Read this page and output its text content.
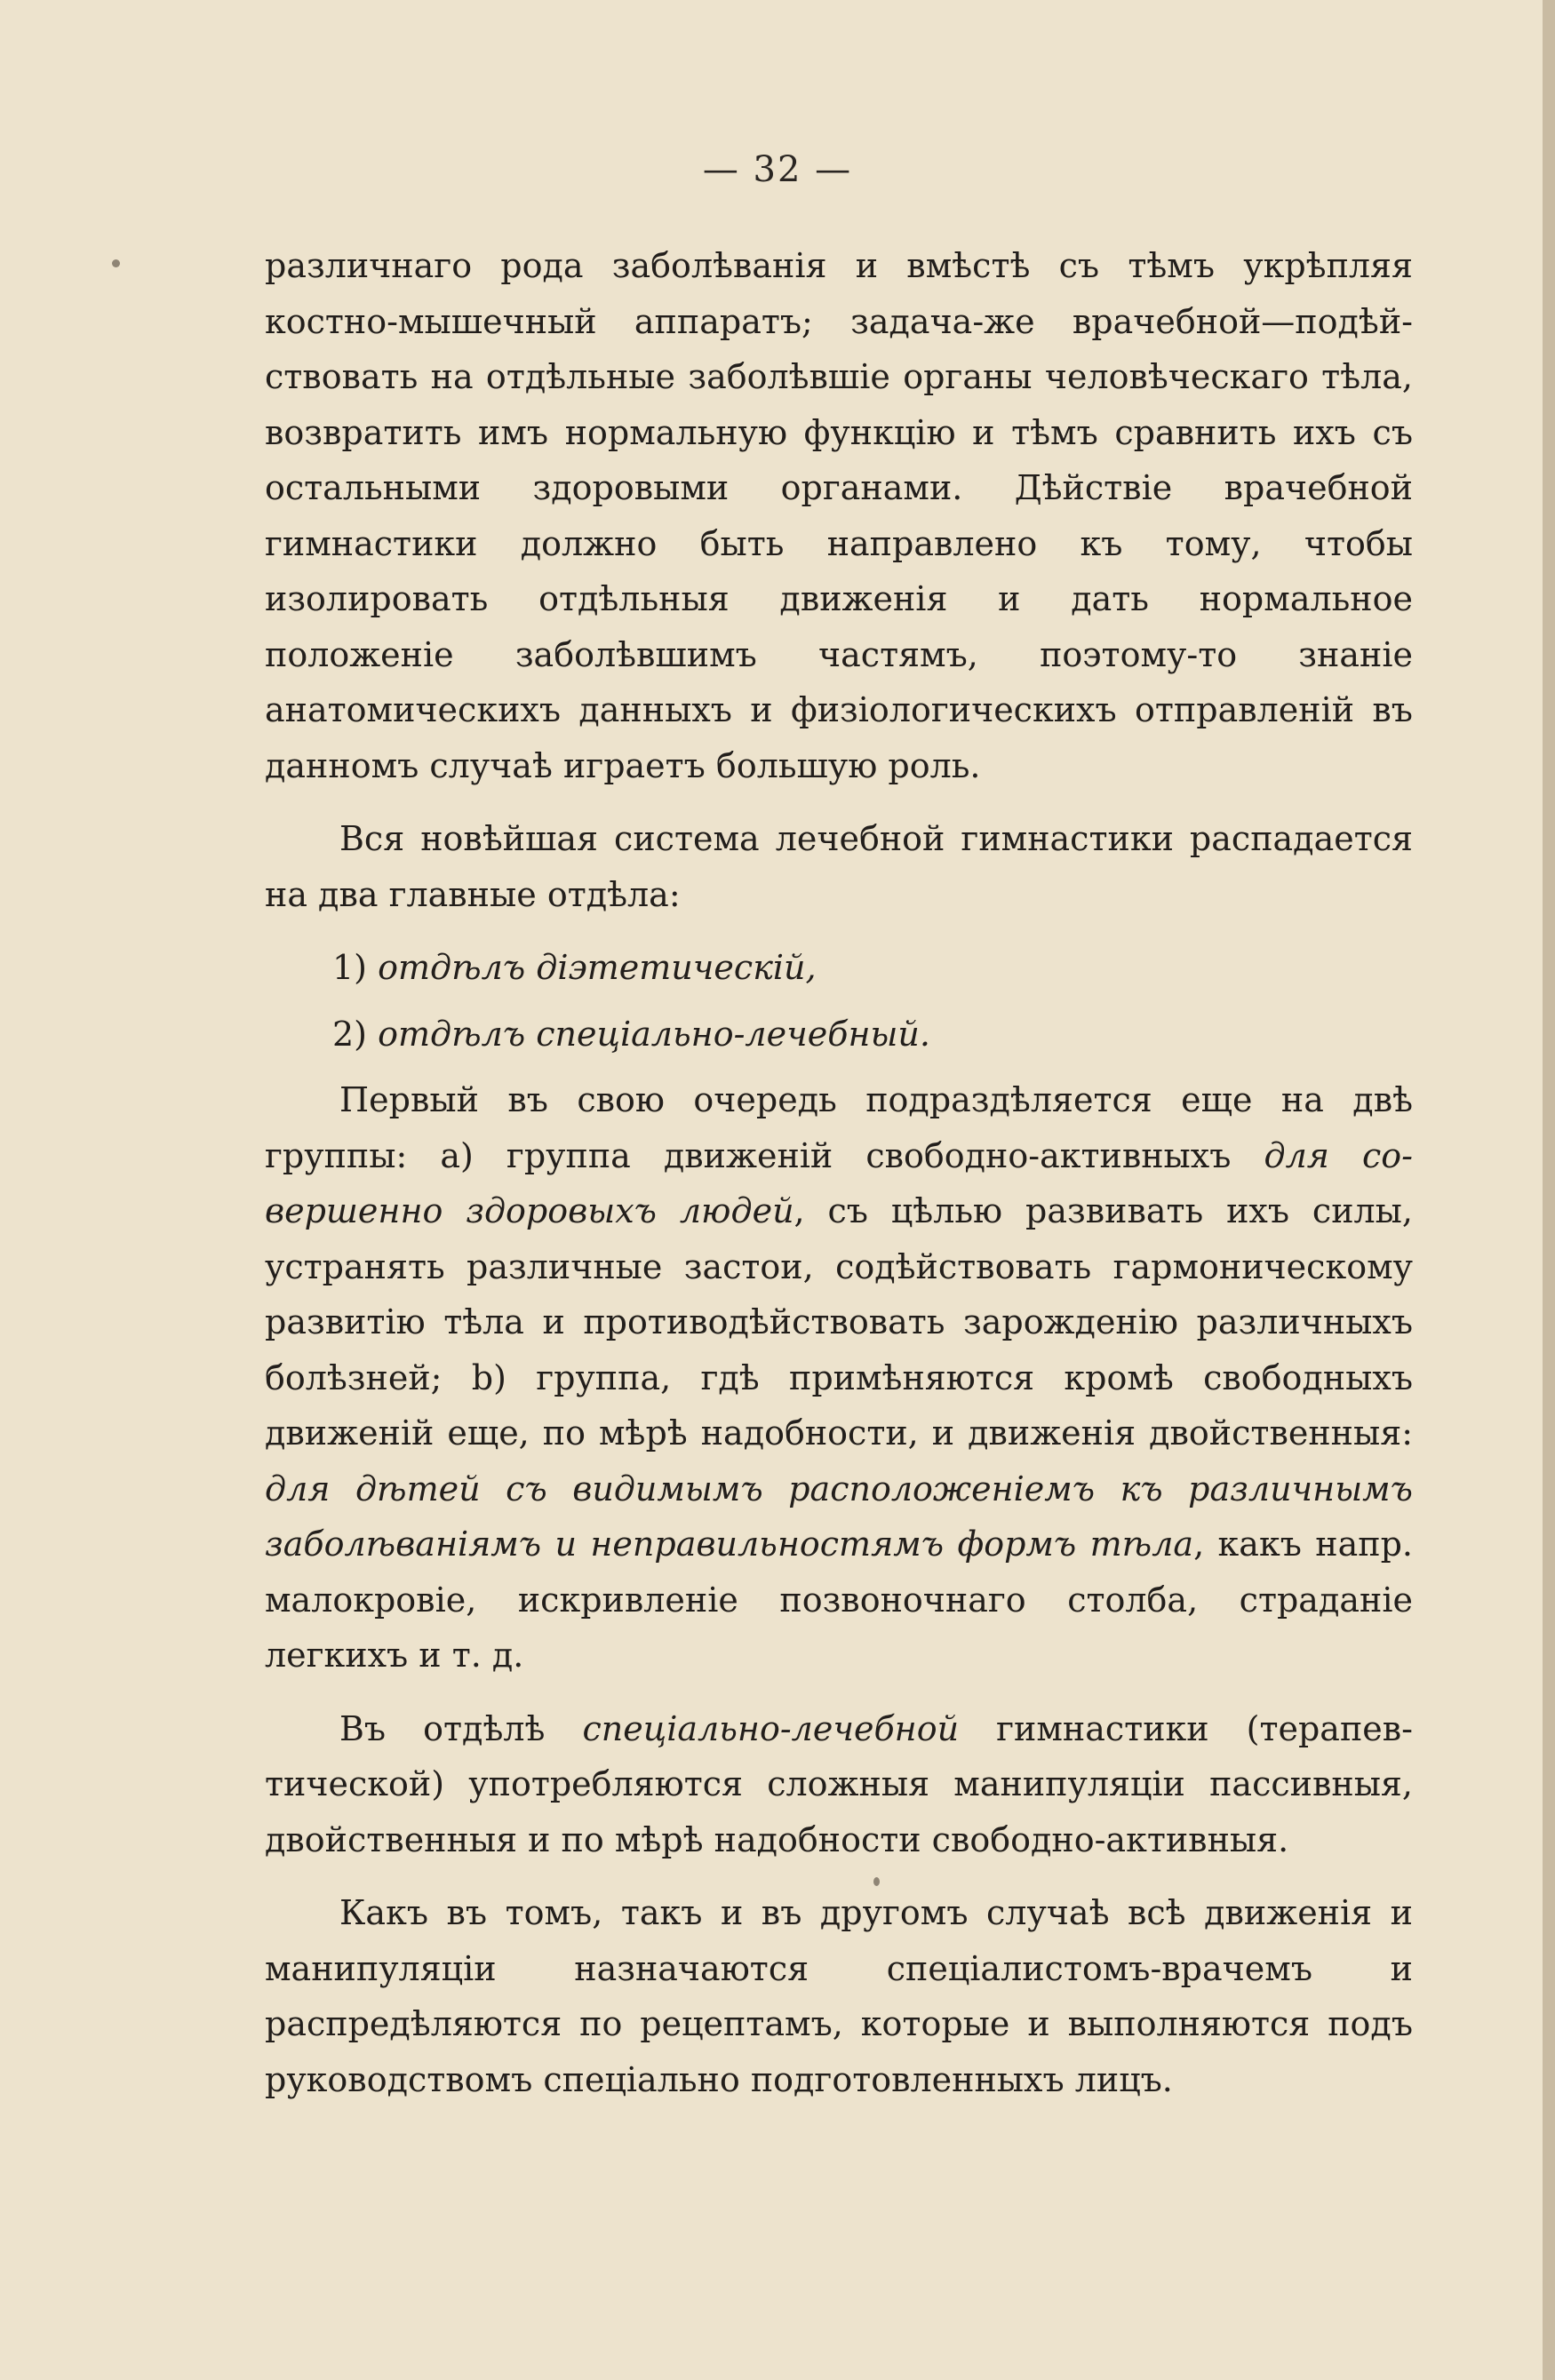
— 32 —

различнаго рода заболѣванія и вмѣстѣ съ тѣмъ укрѣпляя костно-мышечный аппаратъ; задача-же врачебной—подѣйствовать на отдѣльные заболѣвшіе органы человѣческаго тѣла, возвратить имъ нормальную функцію и тѣмъ сравнить ихъ съ остальными здоровыми органами. Дѣйствіе врачебной гимнастики должно быть направлено къ тому, чтобы изолировать отдѣльныя движенія и дать нормальное положеніе заболѣвшимъ частямъ, поэтому-то знаніе анатомическихъ данныхъ и физіологическихъ отправленій въ данномъ случаѣ играетъ большую роль.

Вся новѣйшая система лечебной гимнастики распадается на два главные отдѣла:

1) отдѣлъ діэтетическій,
2) отдѣлъ спеціально-лечебный.

Первый въ свою очередь подраздѣляется еще на двѣ группы: а) группа движеній свободно-активныхъ для совершенно здоровыхъ людей, съ цѣлью развивать ихъ силы, устранять различные застои, содѣйствовать гармоническому развитію тѣла и противодѣйствовать зарожденію различныхъ болѣзней; b) группа, гдѣ примѣняются кромѣ свободныхъ движеній еще, по мѣрѣ надобности, и движенія двойственныя: для дѣтей съ видимымъ расположеніемъ къ различнымъ заболѣваніямъ и неправильностямъ формъ тѣла, какъ напр. малокровіе, искривленіе позвоночнаго столба, страданіе легкихъ и т. д.

Въ отдѣлѣ спеціально-лечебной гимнастики (терапевтической) употребляются сложныя манипуляціи пассивныя, двойственныя и по мѣрѣ надобности свободно-активныя.

Какъ въ томъ, такъ и въ другомъ случаѣ всѣ движенія и манипуляціи назначаются спеціалистомъ-врачемъ и распредѣляются по рецептамъ, которые и выполняются подъ руководствомъ спеціально подготовленныхъ лицъ.
